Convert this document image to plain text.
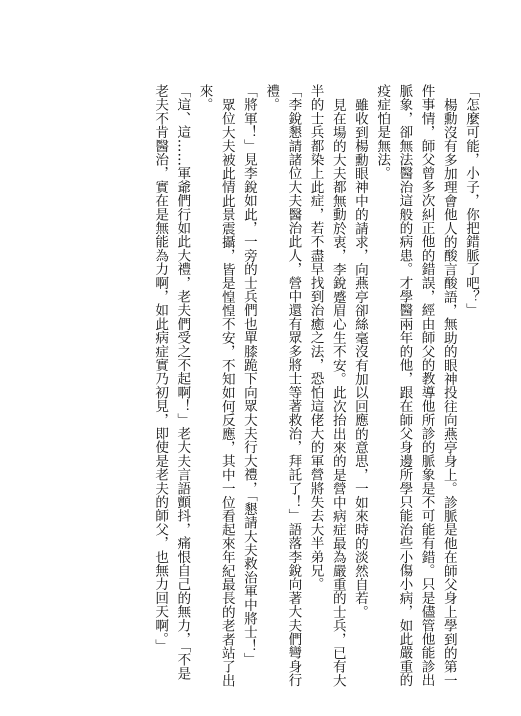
「怎麼可能，小子，你把錯脈了吧？」

楊勳沒有多加理會他人的酸言酸語，無助的眼神投往向燕亭身上。診脈是他在師父身上學到的第一件事情，師父曾多次糾正他的錯誤，經由師父的教導他所診的脈象是不可能有錯。只是儘管他能診出脈象，卻無法醫治這般的病患。才學醫兩年的他，跟在師父身邊所學只能治些小傷小病，如此嚴重的疫症怕是無法。

雖收到楊勳眼神中的請求，向燕亭卻絲毫沒有加以回應的意思，一如來時的淡然自若。

見在場的大夫都無動於衷，李銳蹙眉心生不安。此次抬出來的是營中病症最為嚴重的士兵，已有大半的士兵都染上此症，若不盡早找到治癒之法，恐怕這佬大的軍營將失去大半弟兄。

「李銳懇請諸位大夫醫治此人，營中還有眾多將士等著救治，拜託了！」語落李銳向著大夫們彎身行禮。

「將軍！」見李銳如此，一旁的士兵們也單膝跪下向眾大夫行大禮，「懇請大夫救治軍中將士！」

眾位大夫被此情此景震攝，皆是惶惶不安，不知如何反應，其中一位看起來年紀最長的老者站了出來。

「這、這……軍爺們行如此大禮，老夫們受之不起啊！」老大夫言語顫抖，痛恨自己的無力，「不是老夫不肯醫治，實在是無能為力啊，如此病症實乃初見，即使是老夫的師父，也無力回天啊。」
